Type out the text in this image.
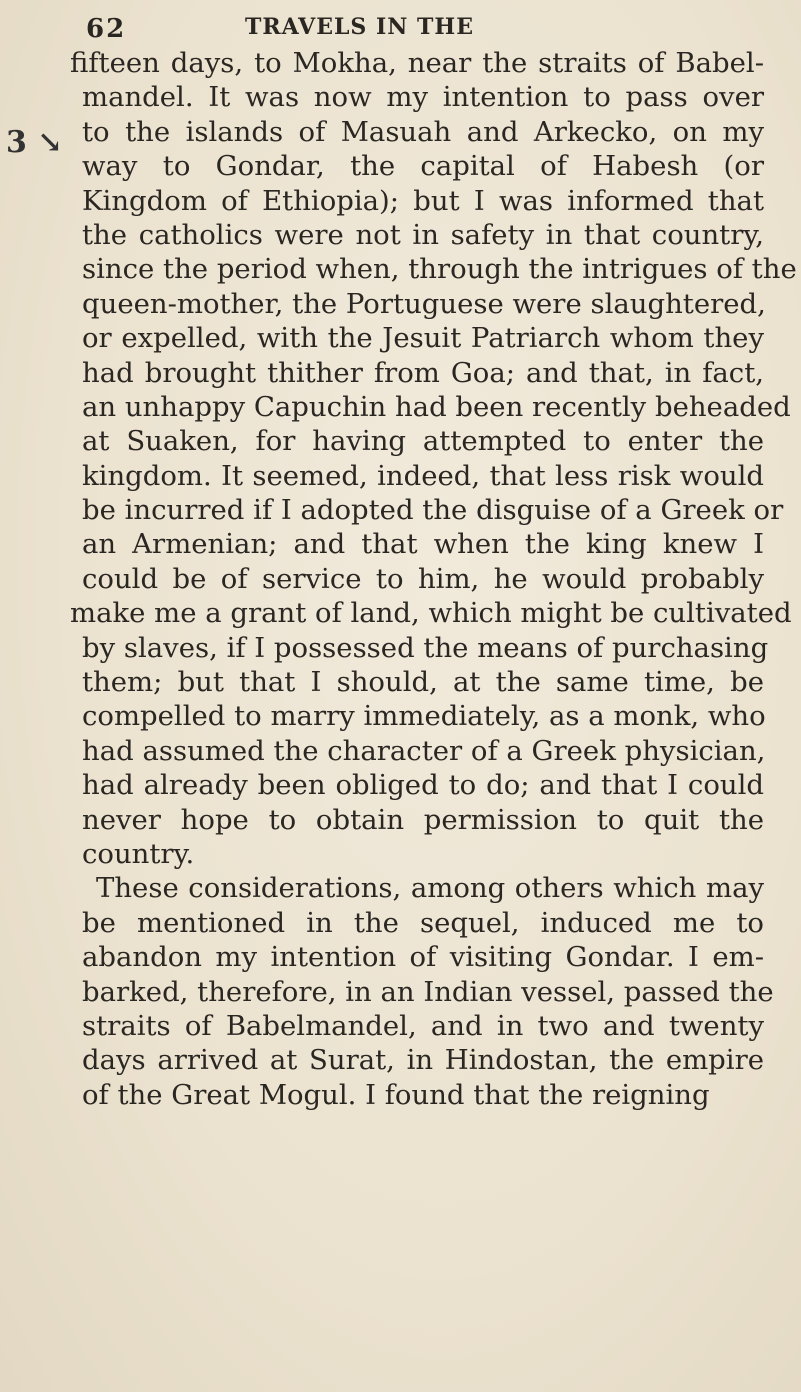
62	TRAVELS IN THE
3 ↘
fifteen days, to Mokha, near the straits of Babel-
mandel. It was now my intention to pass over
to the islands of Masuah and Arkecko, on my
way to Gondar, the capital of Habesh (or
Kingdom of Ethiopia); but I was informed that
the catholics were not in safety in that country,
since the period when, through the intrigues of the
queen-mother, the Portuguese were slaughtered,
or expelled, with the Jesuit Patriarch whom they
had brought thither from Goa; and that, in fact,
an unhappy Capuchin had been recently beheaded
at Suaken, for having attempted to enter the
kingdom. It seemed, indeed, that less risk would
be incurred if I adopted the disguise of a Greek or
an Armenian; and that when the king knew I
could be of service to him, he would probably
make me a grant of land, which might be cultivated
by slaves, if I possessed the means of purchasing
them; but that I should, at the same time, be
compelled to marry immediately, as a monk, who
had assumed the character of a Greek physician,
had already been obliged to do; and that I could
never hope to obtain permission to quit the
country.
These considerations, among others which may
be mentioned in the sequel, induced me to
abandon my intention of visiting Gondar. I em-
barked, therefore, in an Indian vessel, passed the
straits of Babelmandel, and in two and twenty
days arrived at Surat, in Hindostan, the empire
of the Great Mogul. I found that the reigning
